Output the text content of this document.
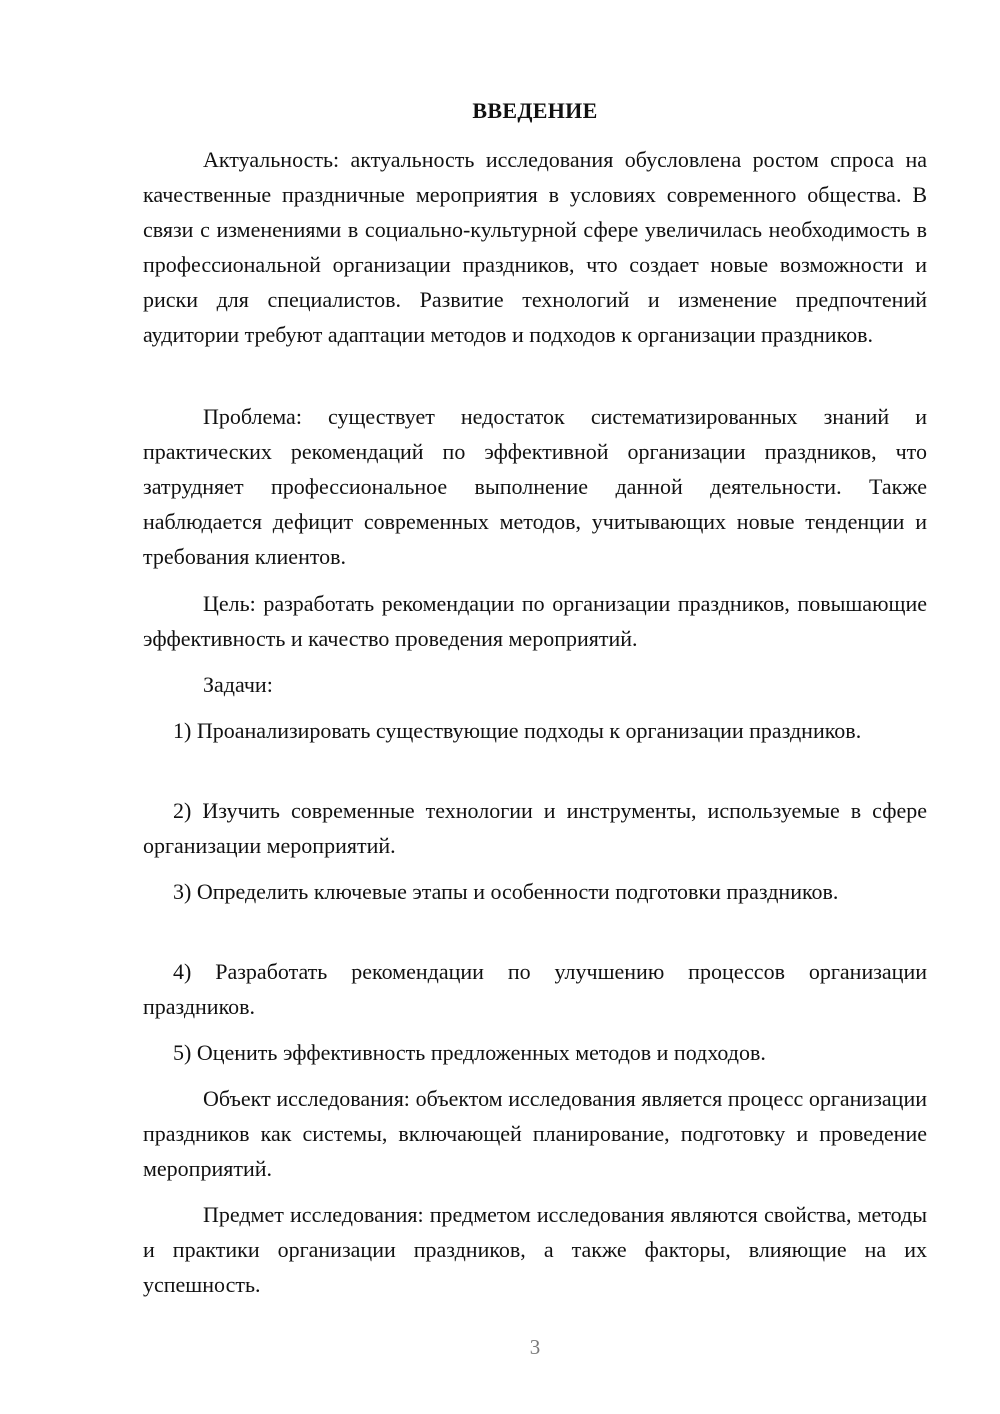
ВВЕДЕНИЕ

Актуальность: актуальность исследования обусловлена ростом спроса на качественные праздничные мероприятия в условиях современного общества. В связи с изменениями в социально-культурной сфере увеличилась необходимость в профессиональной организации праздников, что создает новые возможности и риски для специалистов. Развитие технологий и изменение предпочтений аудитории требуют адаптации методов и подходов к организации праздников.

Проблема: существует недостаток систематизированных знаний и практических рекомендаций по эффективной организации праздников, что затрудняет профессиональное выполнение данной деятельности. Также наблюдается дефицит современных методов, учитывающих новые тенденции и требования клиентов.

Цель: разработать рекомендации по организации праздников, повышающие эффективность и качество проведения мероприятий.

Задачи:

1) Проанализировать существующие подходы к организации праздников.

2) Изучить современные технологии и инструменты, используемые в сфере организации мероприятий.

3) Определить ключевые этапы и особенности подготовки праздников.

4) Разработать рекомендации по улучшению процессов организации праздников.

5) Оценить эффективность предложенных методов и подходов.

Объект исследования: объектом исследования является процесс организации праздников как системы, включающей планирование, подготовку и проведение мероприятий.

Предмет исследования: предметом исследования являются свойства, методы и практики организации праздников, а также факторы, влияющие на их успешность.

3
